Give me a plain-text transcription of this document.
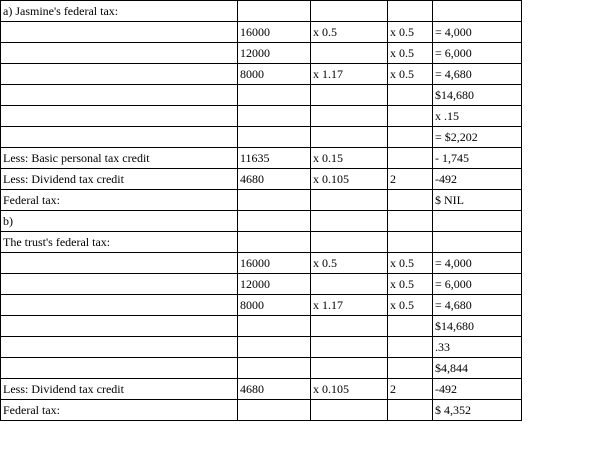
a) Jasmine's federal tax:				
	16000	x 0.5	x 0.5	= 4,000
	12000		x 0.5	= 6,000
	8000	x 1.17	x 0.5	= 4,680
				$14,680
				x .15
				= $2,202
Less: Basic personal tax credit	11635	x 0.15		- 1,745
Less: Dividend tax credit	4680	x 0.105	2	-492
Federal tax:				$ NIL
b)				
The trust's federal tax:				
	16000	x 0.5	x 0.5	= 4,000
	12000		x 0.5	= 6,000
	8000	x 1.17	x 0.5	= 4,680
				$14,680
				.33
				$4,844
Less: Dividend tax credit	4680	x 0.105	2	-492
Federal tax:				$ 4,352
